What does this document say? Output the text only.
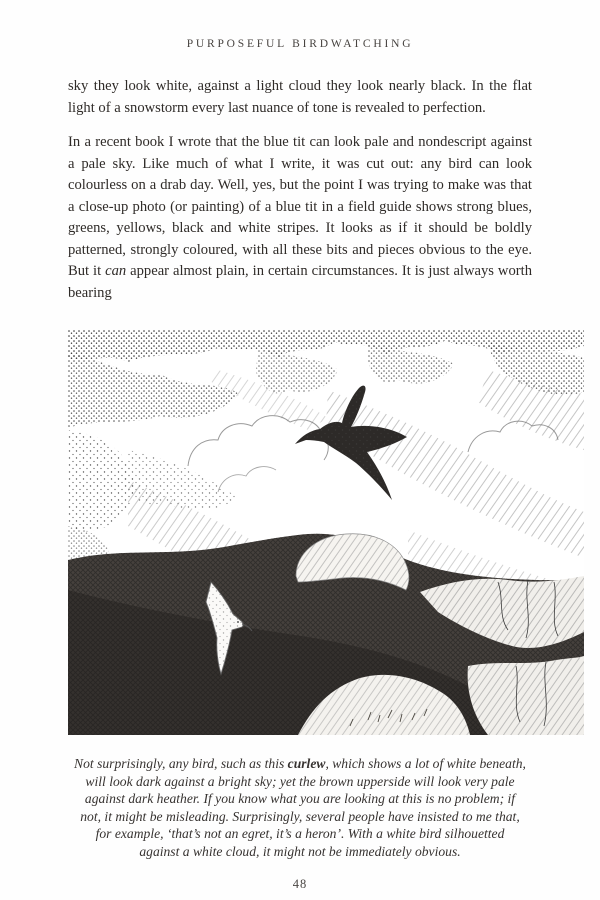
PURPOSEFUL BIRDWATCHING

sky they look white, against a light cloud they look nearly black. In the flat light of a snowstorm every last nuance of tone is revealed to perfection.

In a recent book I wrote that the blue tit can look pale and nondescript against a pale sky. Like much of what I write, it was cut out: any bird can look colourless on a drab day. Well, yes, but the point I was trying to make was that a close-up photo (or painting) of a blue tit in a field guide shows strong blues, greens, yellows, black and white stripes. It looks as if it should be boldly patterned, strongly coloured, with all these bits and pieces obvious to the eye. But it can appear almost plain, in certain circumstances. It is just always worth bearing

Not surprisingly, any bird, such as this curlew, which shows a lot of white beneath, will look dark against a bright sky; yet the brown upperside will look very pale against dark heather. If you know what you are looking at this is no problem; if not, it might be misleading. Surprisingly, several people have insisted to me that, for example, ‘that’s not an egret, it’s a heron’. With a white bird silhouetted against a white cloud, it might not be immediately obvious.
48
